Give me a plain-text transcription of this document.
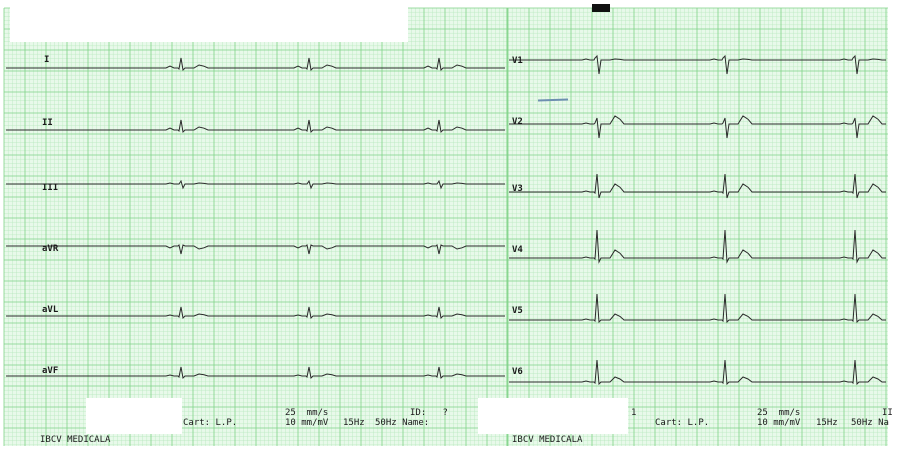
I
II
III
aVR
aVL
aVF
V1
V2
V3
V4
V5
V6
Cart: L.P.
25  mm/s
10 mm/mV 15Hz 50Hz Name:
ID:   ?
IBCV MEDICALA
1
Cart: L.P.
25  mm/s
10 mm/mV 15Hz 50Hz Na
II
IBCV MEDICALA
